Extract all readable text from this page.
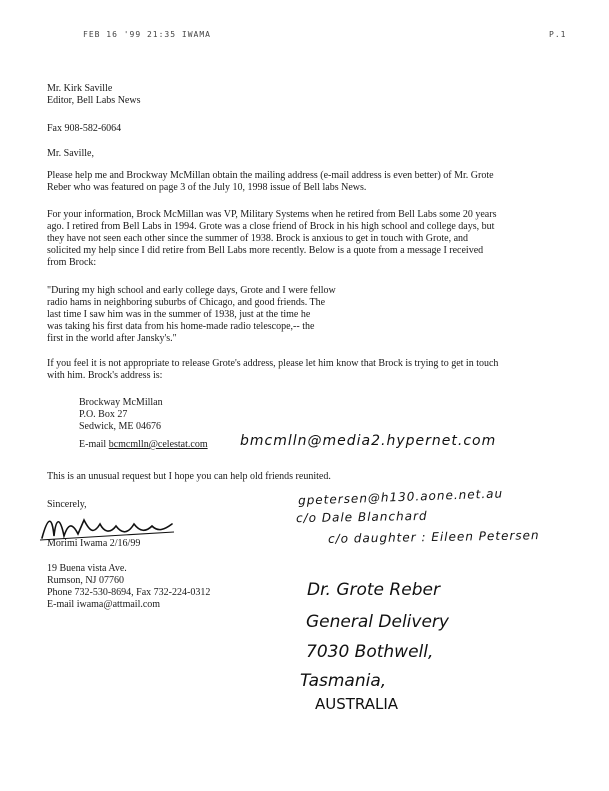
FEB 16 '99 21:35 IWAMA	P.1
Mr. Kirk Saville
Editor, Bell Labs News
Fax 908-582-6064
Mr. Saville,
Please help me and Brockway McMillan obtain the mailing address (e-mail address is even better) of Mr. Grote
Reber who was featured on page 3 of the July 10, 1998 issue of Bell labs News.
For your information, Brock McMillan was VP, Military Systems when he retired from Bell Labs some 20 years
ago. I retired from Bell Labs in 1994. Grote was a close friend of Brock in his high school and college days, but
they have not seen each other since the summer of 1938. Brock is anxious to get in touch with Grote, and
solicited my help since I did retire from Bell Labs more recently. Below is a quote from a message I received
from Brock:
"During my high school and early college days, Grote and I were fellow
radio hams in neighboring suburbs of Chicago, and good friends. The
last time I saw him was in the summer of 1938, just at the time he
was taking his first data from his home-made radio telescope,-- the
first in the world after Jansky's."
If you feel it is not appropriate to release Grote's address, please let him know that Brock is trying to get in touch
with him. Brock's address is:
Brockway McMillan
P.O. Box 27
Sedwick, ME 04676
E-mail bcmcmlln@celestat.com
This is an unusual request but I hope you can help old friends reunited.
Sincerely,
Morimi Iwama 2/16/99
19 Buena vista Ave.
Rumson, NJ 07760
Phone 732-530-8694, Fax 732-224-0312
E-mail iwama@attmail.com
bmcmlln@media2.hypernet.com
gpetersen@h130.aone.net.au
c/o Dale Blanchard
c/o daughter : Eileen Petersen
Dr. Grote Reber
General Delivery
7030 Bothwell,
Tasmania,
AUSTRALIA
